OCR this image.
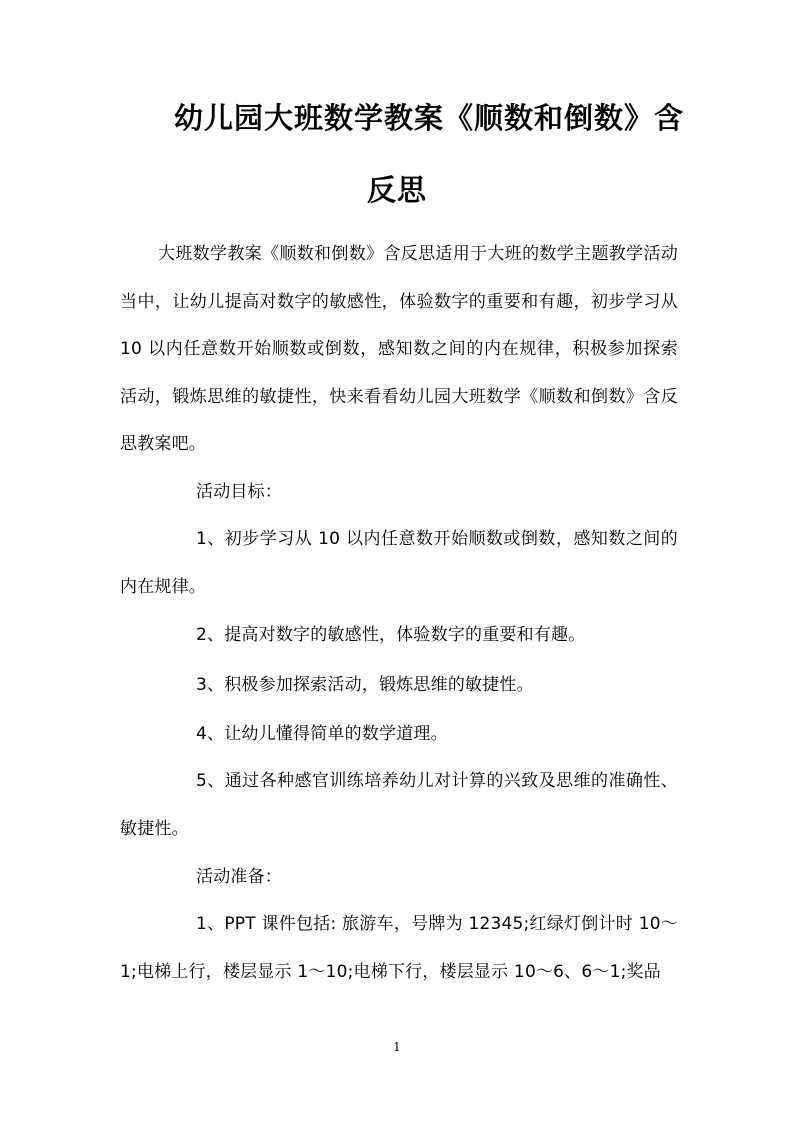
幼儿园大班数学教案《顺数和倒数》含
反思
大班数学教案《顺数和倒数》含反思适用于大班的数学主题教学活动当中，让幼儿提高对数字的敏感性，体验数字的重要和有趣，初步学习从 10 以内任意数开始顺数或倒数，感知数之间的内在规律，积极参加探索活动，锻炼思维的敏捷性，快来看看幼儿园大班数学《顺数和倒数》含反思教案吧。
活动目标：
1、初步学习从 10 以内任意数开始顺数或倒数，感知数之间的内在规律。
2、提高对数字的敏感性，体验数字的重要和有趣。
3、积极参加探索活动，锻炼思维的敏捷性。
4、让幼儿懂得简单的数学道理。
5、通过各种感官训练培养幼儿对计算的兴致及思维的准确性、敏捷性。
活动准备：
1、PPT 课件包括: 旅游车，号牌为 12345;红绿灯倒计时 10～1;电梯上行，楼层显示 1～10;电梯下行，楼层显示 10～6、6～1;奖品
1
